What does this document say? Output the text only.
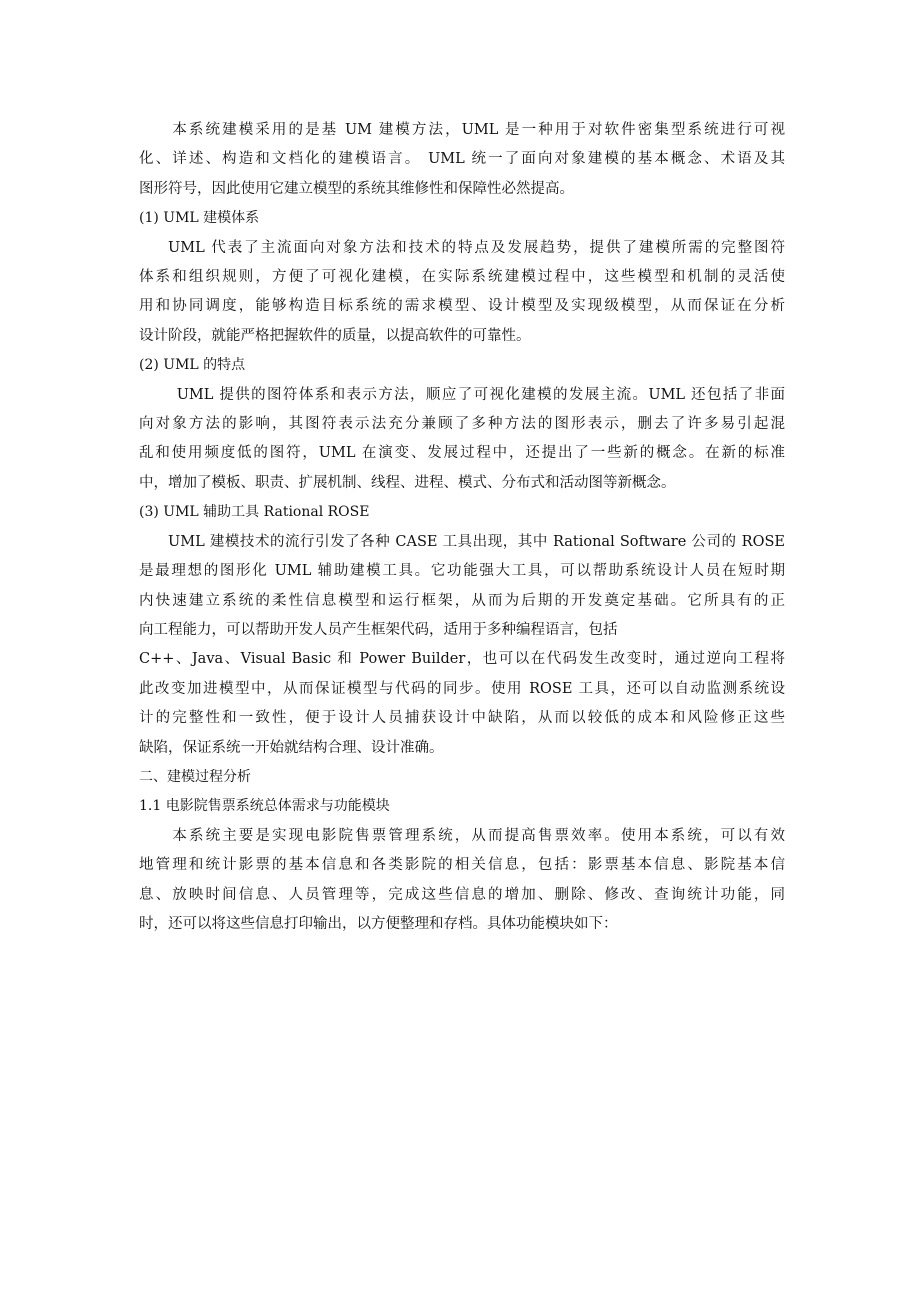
本系统建模采用的是基 UM 建模方法，UML 是一种用于对软件密集型系统进行可视
化、详述、构造和文档化的建模语言。 UML 统一了面向对象建模的基本概念、术语及其
图形符号，因此使用它建立模型的系统其维修性和保障性必然提高。
(1) UML 建模体系
UML 代表了主流面向对象方法和技术的特点及发展趋势，提供了建模所需的完整图符
体系和组织规则，方便了可视化建模，在实际系统建模过程中，这些模型和机制的灵活使
用和协同调度，能够构造目标系统的需求模型、设计模型及实现级模型，从而保证在分析
设计阶段，就能严格把握软件的质量，以提高软件的可靠性。
(2) UML 的特点
UML 提供的图符体系和表示方法，顺应了可视化建模的发展主流。UML 还包括了非面
向对象方法的影响，其图符表示法充分兼顾了多种方法的图形表示，删去了许多易引起混
乱和使用频度低的图符，UML 在演变、发展过程中，还提出了一些新的概念。在新的标准
中，增加了模板、职责、扩展机制、线程、进程、模式、分布式和活动图等新概念。
(3) UML 辅助工具 Rational ROSE
UML 建模技术的流行引发了各种 CASE 工具出现，其中 Rational Software 公司的 ROSE
是最理想的图形化 UML 辅助建模工具。它功能强大工具，可以帮助系统设计人员在短时期
内快速建立系统的柔性信息模型和运行框架，从而为后期的开发奠定基础。它所具有的正
向工程能力，可以帮助开发人员产生框架代码，适用于多种编程语言，包括
C++、Java、Visual Basic 和 Power Builder，也可以在代码发生改变时，通过逆向工程将
此改变加进模型中，从而保证模型与代码的同步。使用 ROSE 工具，还可以自动监测系统设
计的完整性和一致性，便于设计人员捕获设计中缺陷，从而以较低的成本和风险修正这些
缺陷，保证系统一开始就结构合理、设计准确。
二、建模过程分析
1.1 电影院售票系统总体需求与功能模块
本系统主要是实现电影院售票管理系统，从而提高售票效率。使用本系统，可以有效
地管理和统计影票的基本信息和各类影院的相关信息，包括：影票基本信息、影院基本信
息、放映时间信息、人员管理等，完成这些信息的增加、删除、修改、查询统计功能，同
时，还可以将这些信息打印输出，以方便整理和存档。具体功能模块如下：
